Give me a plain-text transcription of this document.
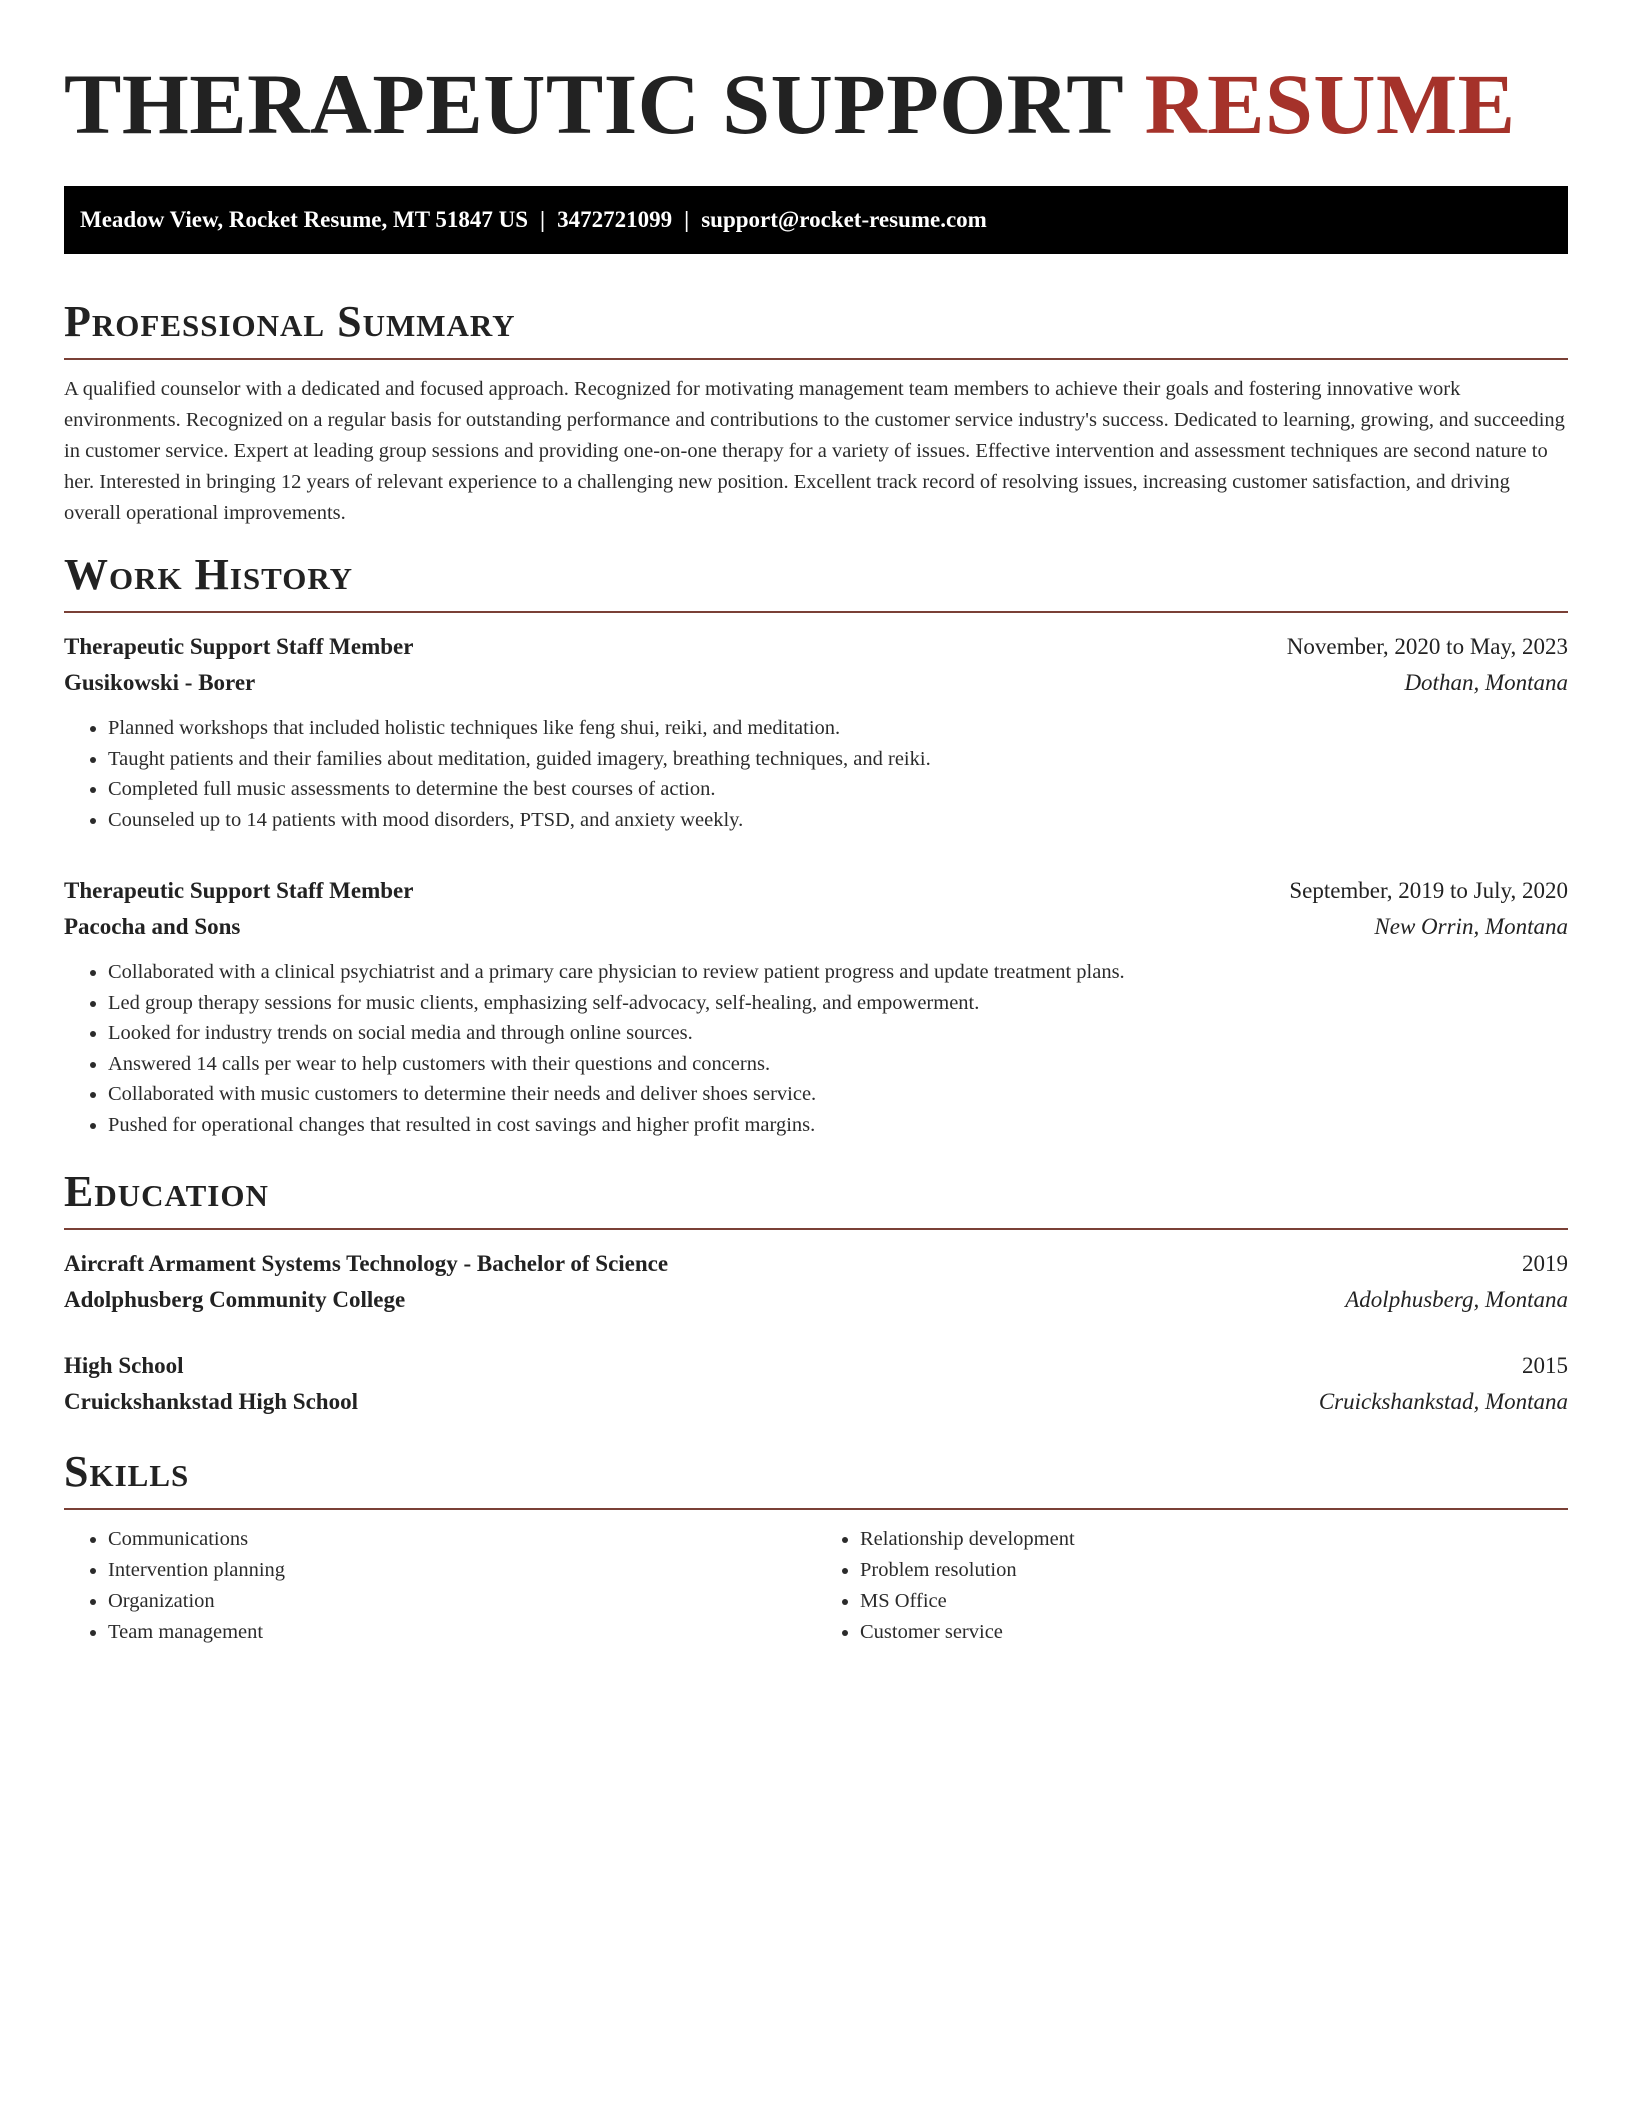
THERAPEUTIC SUPPORT RESUME
Meadow View, Rocket Resume, MT 51847 US | 3472721099 | support@rocket-resume.com
Professional Summary

A qualified counselor with a dedicated and focused approach. Recognized for motivating management team members to achieve their goals and fostering innovative work environments. Recognized on a regular basis for outstanding performance and contributions to the customer service industry's success. Dedicated to learning, growing, and succeeding in customer service. Expert at leading group sessions and providing one-on-one therapy for a variety of issues. Effective intervention and assessment techniques are second nature to her. Interested in bringing 12 years of relevant experience to a challenging new position. Excellent track record of resolving issues, increasing customer satisfaction, and driving overall operational improvements.

Work History
Therapeutic Support Staff Member	November, 2020 to May, 2023
Gusikowski - Borer	Dothan, Montana
• Planned workshops that included holistic techniques like feng shui, reiki, and meditation.
• Taught patients and their families about meditation, guided imagery, breathing techniques, and reiki.
• Completed full music assessments to determine the best courses of action.
• Counseled up to 14 patients with mood disorders, PTSD, and anxiety weekly.
Therapeutic Support Staff Member	September, 2019 to July, 2020
Pacocha and Sons	New Orrin, Montana
• Collaborated with a clinical psychiatrist and a primary care physician to review patient progress and update treatment plans.
• Led group therapy sessions for music clients, emphasizing self-advocacy, self-healing, and empowerment.
• Looked for industry trends on social media and through online sources.
• Answered 14 calls per wear to help customers with their questions and concerns.
• Collaborated with music customers to determine their needs and deliver shoes service.
• Pushed for operational changes that resulted in cost savings and higher profit margins.
Education
Aircraft Armament Systems Technology - Bachelor of Science	2019
Adolphusberg Community College	Adolphusberg, Montana
High School	2015
Cruickshankstad High School	Cruickshankstad, Montana
Skills
• Communications
• Intervention planning
• Organization
• Team management
• Relationship development
• Problem resolution
• MS Office
• Customer service
